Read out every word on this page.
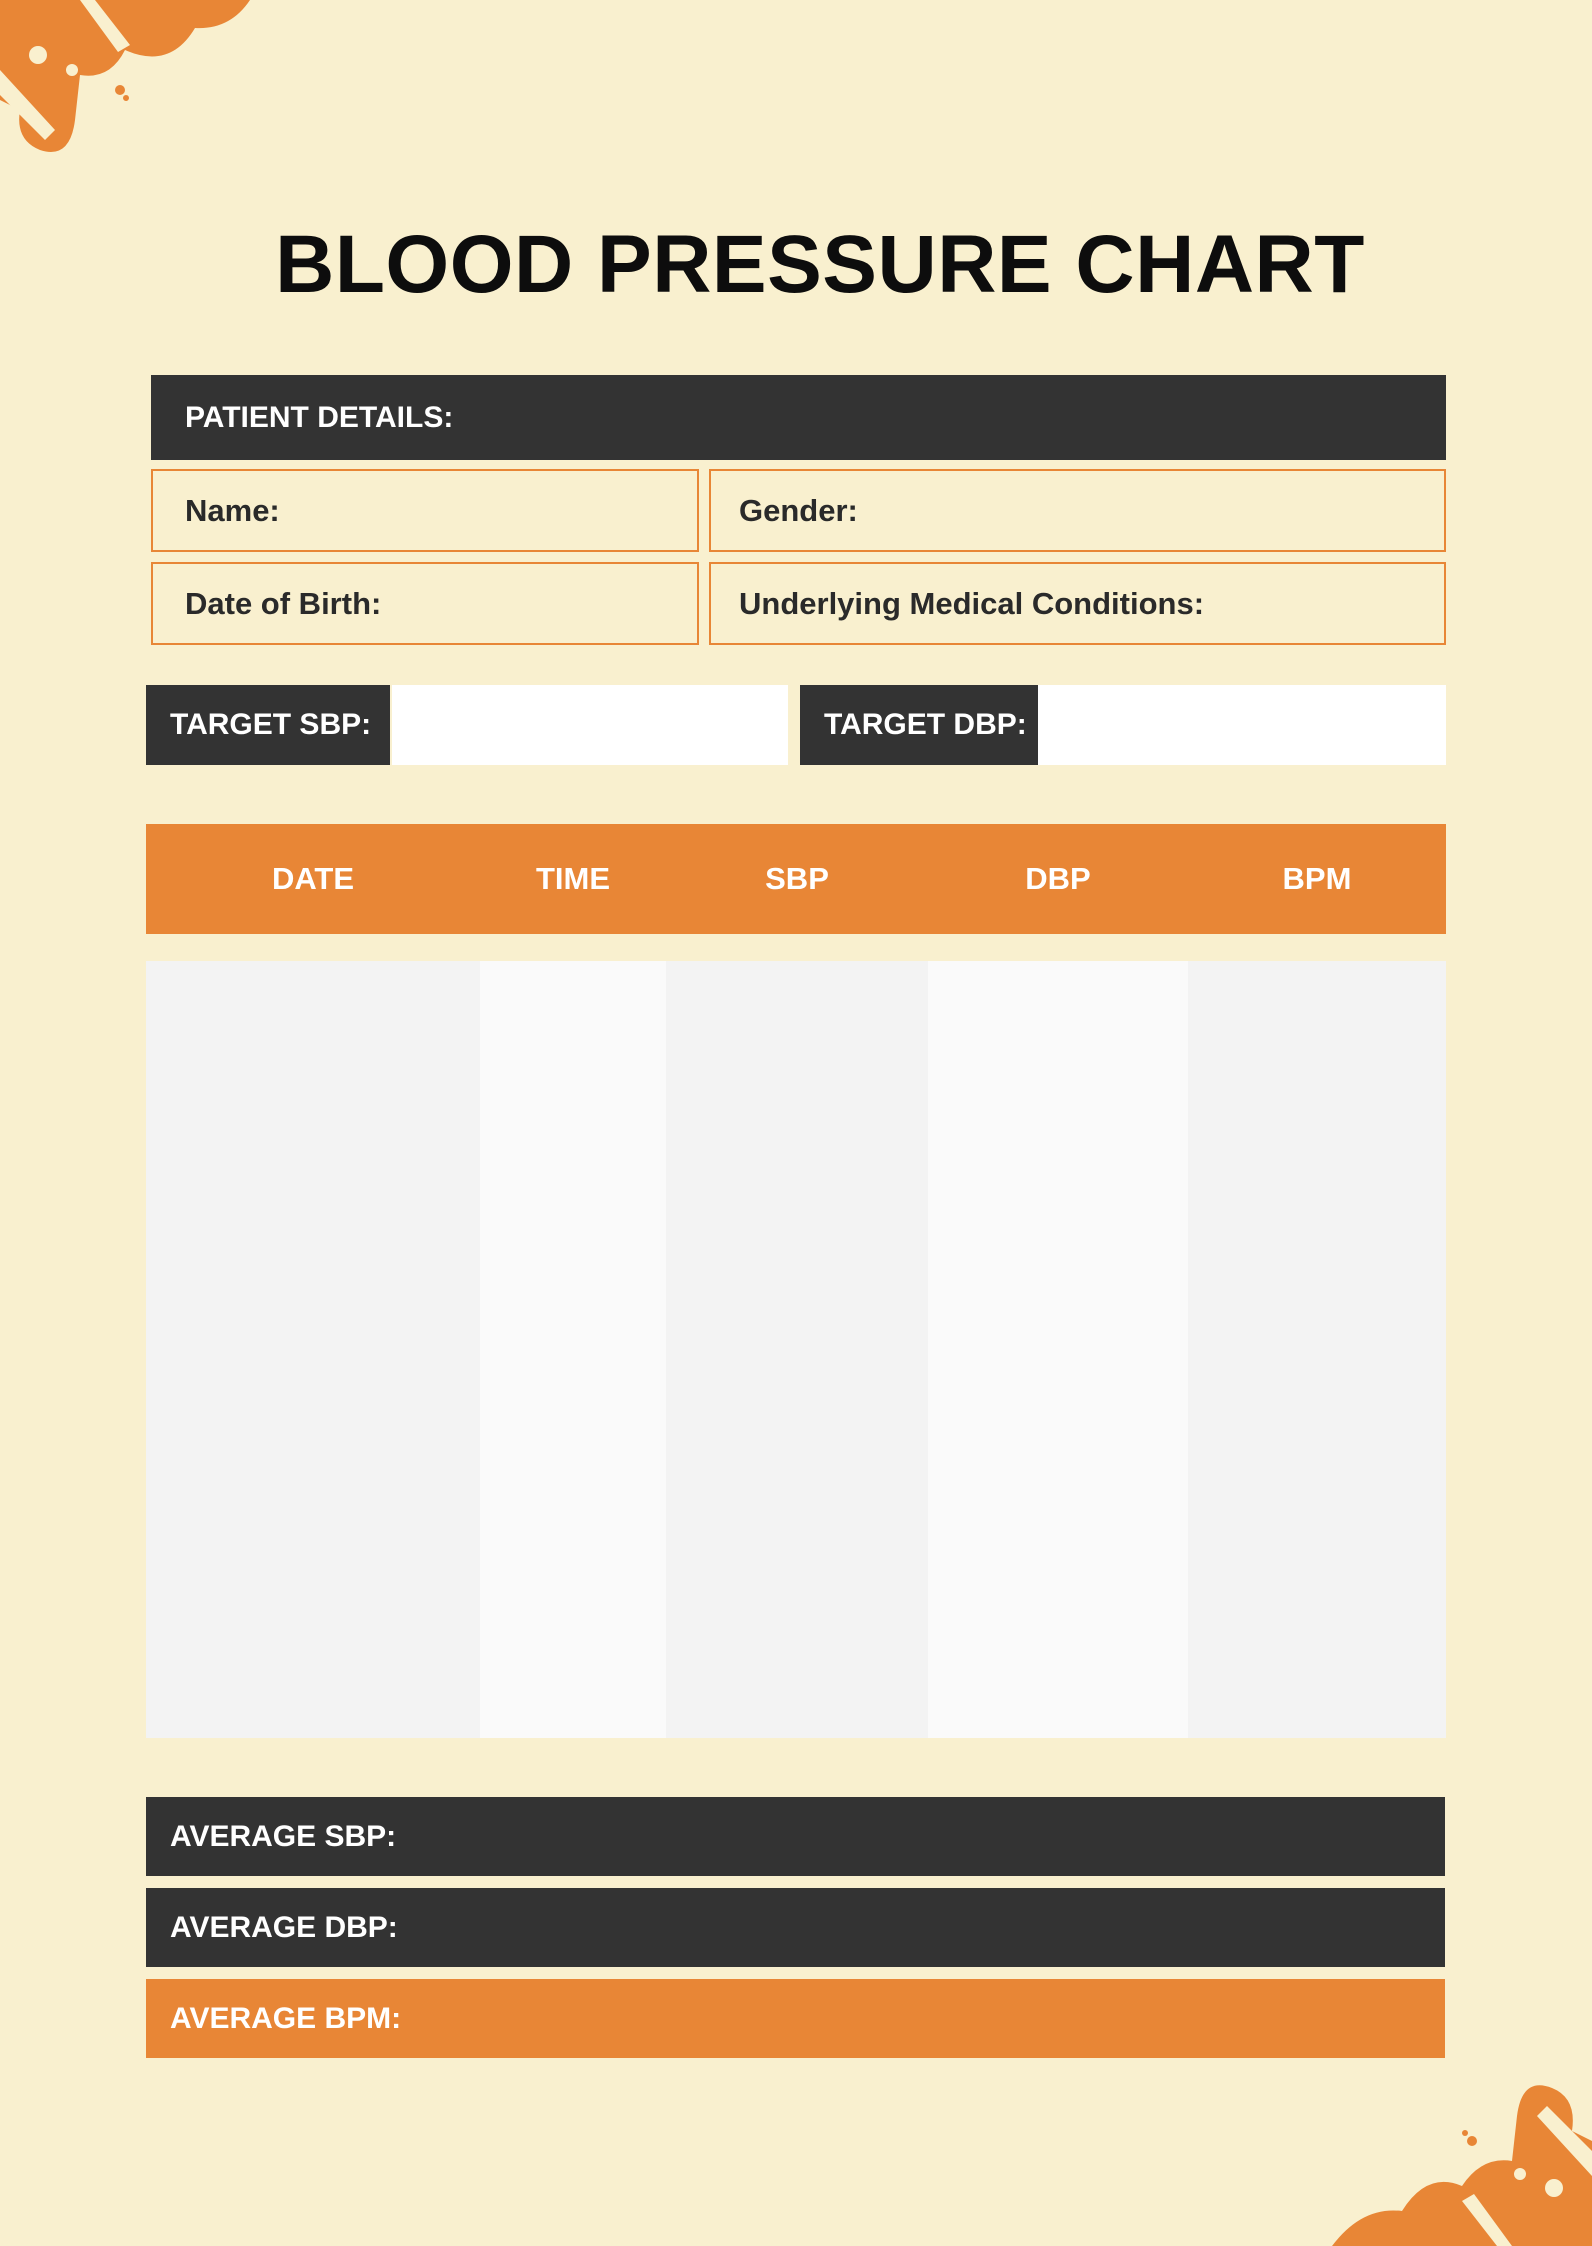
BLOOD PRESSURE CHART
PATIENT DETAILS:
Name:	Gender:
Date of Birth:	Underlying Medical Conditions:
TARGET SBP:	TARGET DBP:
DATE	TIME	SBP	DBP	BPM
AVERAGE SBP:
AVERAGE DBP:
AVERAGE BPM:
